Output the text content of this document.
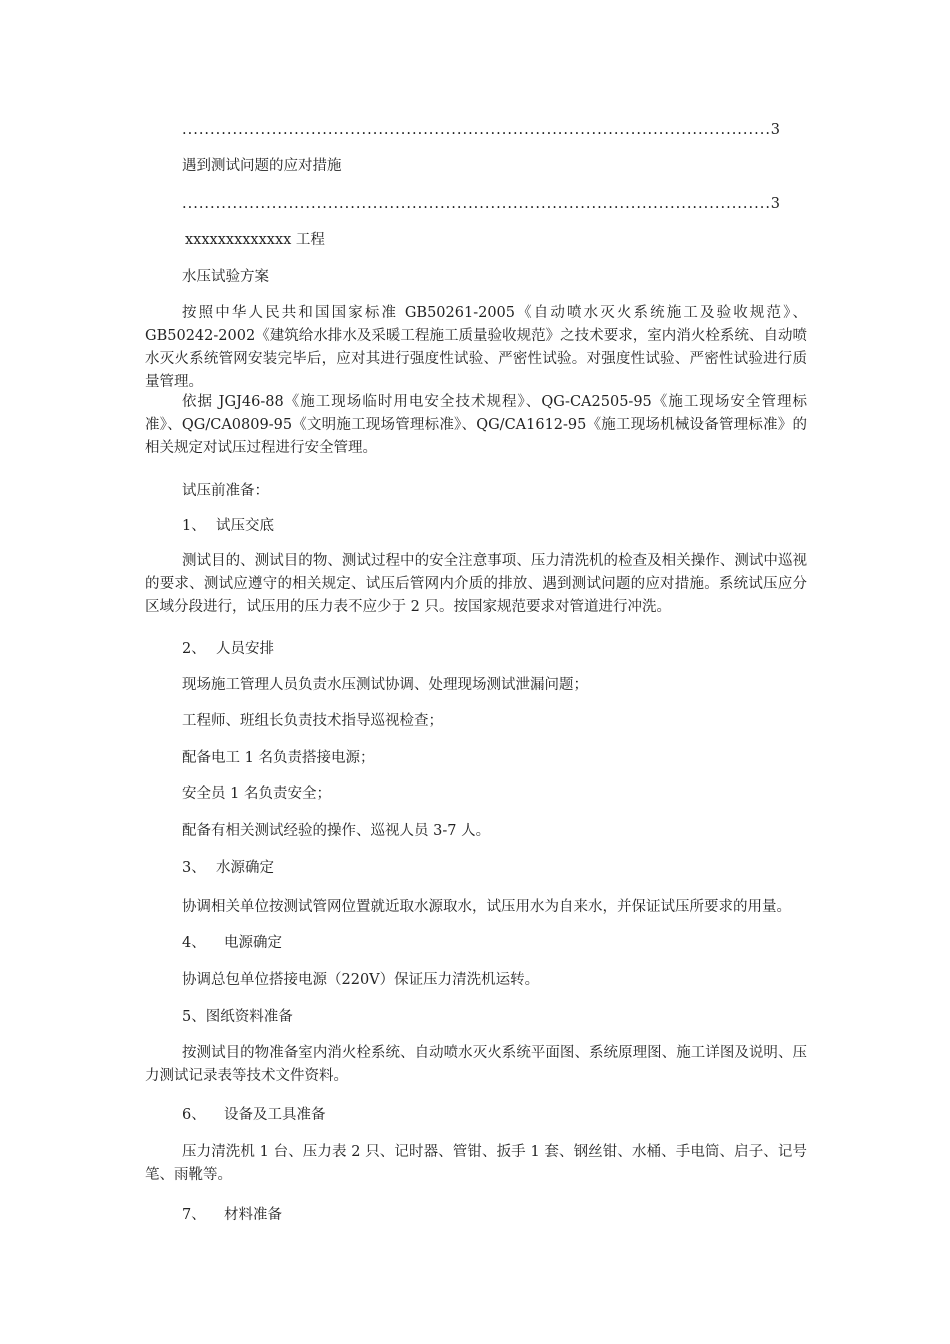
.....
3
遇到测试问题的应对措施
.....
3
xxxxxxxxxxxxx 工程
水压试验方案
按照中华人民共和国国家标准 GB50261-2005《自动喷水灭火系统施工及验收规范》、GB50242-2002《建筑给水排水及采暖工程施工质量验收规范》之技术要求，室内消火栓系统、自动喷水灭火系统管网安装完毕后，应对其进行强度性试验、严密性试验。对强度性试验、严密性试验进行质量管理。
依据 JGJ46-88《施工现场临时用电安全技术规程》、QG-CA2505-95《施工现场安全管理标准》、QG/CA0809-95《文明施工现场管理标准》、QG/CA1612-95《施工现场机械设备管理标准》的相关规定对试压过程进行安全管理。
试压前准备：
1、 试压交底
测试目的、测试目的物、测试过程中的安全注意事项、压力清洗机的检查及相关操作、测试中巡视的要求、测试应遵守的相关规定、试压后管网内介质的排放、遇到测试问题的应对措施。系统试压应分区域分段进行，试压用的压力表不应少于 2 只。按国家规范要求对管道进行冲洗。
2、 人员安排
现场施工管理人员负责水压测试协调、处理现场测试泄漏问题；
工程师、班组长负责技术指导巡视检查；
配备电工 1 名负责搭接电源；
安全员 1 名负责安全；
配备有相关测试经验的操作、巡视人员 3-7 人。
3、 水源确定
协调相关单位按测试管网位置就近取水源取水，试压用水为自来水，并保证试压所要求的用量。
4、 电源确定
协调总包单位搭接电源（220V）保证压力清洗机运转。
5、图纸资料准备
按测试目的物准备室内消火栓系统、自动喷水灭火系统平面图、系统原理图、施工详图及说明、压力测试记录表等技术文件资料。
6、 设备及工具准备
压力清洗机 1 台、压力表 2 只、记时器、管钳、扳手 1 套、钢丝钳、水桶、手电筒、启子、记号笔、雨靴等。
7、 材料准备
